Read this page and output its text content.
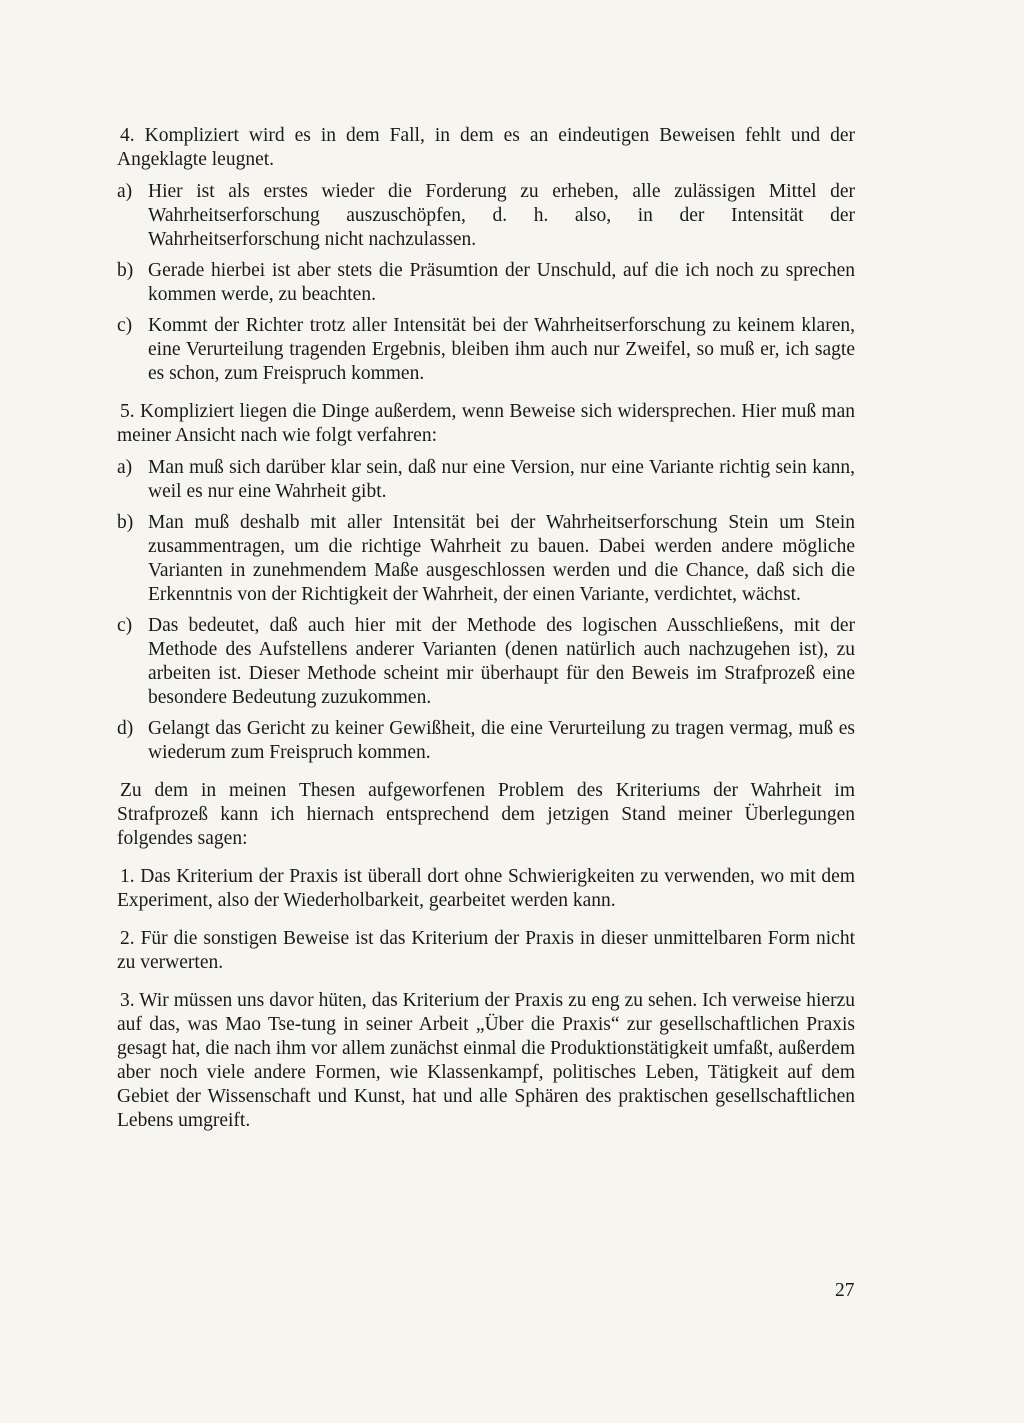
4. Kompliziert wird es in dem Fall, in dem es an eindeutigen Beweisen fehlt und der Angeklagte leugnet.

a) Hier ist als erstes wieder die Forderung zu erheben, alle zulässigen Mittel der Wahrheitserforschung auszuschöpfen, d. h. also, in der Intensität der Wahrheitserforschung nicht nachzulassen.
b) Gerade hierbei ist aber stets die Präsumtion der Unschuld, auf die ich noch zu sprechen kommen werde, zu beachten.
c) Kommt der Richter trotz aller Intensität bei der Wahrheitserforschung zu keinem klaren, eine Verurteilung tragenden Ergebnis, bleiben ihm auch nur Zweifel, so muß er, ich sagte es schon, zum Freispruch kommen.

5. Kompliziert liegen die Dinge außerdem, wenn Beweise sich widersprechen. Hier muß man meiner Ansicht nach wie folgt verfahren:

a) Man muß sich darüber klar sein, daß nur eine Version, nur eine Variante richtig sein kann, weil es nur eine Wahrheit gibt.
b) Man muß deshalb mit aller Intensität bei der Wahrheitserforschung Stein um Stein zusammentragen, um die richtige Wahrheit zu bauen. Dabei werden andere mögliche Varianten in zunehmendem Maße ausgeschlossen werden und die Chance, daß sich die Erkenntnis von der Richtigkeit der Wahrheit, der einen Variante, verdichtet, wächst.
c) Das bedeutet, daß auch hier mit der Methode des logischen Ausschließens, mit der Methode des Aufstellens anderer Varianten (denen natürlich auch nachzugehen ist), zu arbeiten ist. Dieser Methode scheint mir überhaupt für den Beweis im Strafprozeß eine besondere Bedeutung zuzukommen.
d) Gelangt das Gericht zu keiner Gewißheit, die eine Verurteilung zu tragen vermag, muß es wiederum zum Freispruch kommen.

Zu dem in meinen Thesen aufgeworfenen Problem des Kriteriums der Wahrheit im Strafprozeß kann ich hiernach entsprechend dem jetzigen Stand meiner Überlegungen folgendes sagen:

1. Das Kriterium der Praxis ist überall dort ohne Schwierigkeiten zu verwenden, wo mit dem Experiment, also der Wiederholbarkeit, gearbeitet werden kann.

2. Für die sonstigen Beweise ist das Kriterium der Praxis in dieser unmittelbaren Form nicht zu verwerten.

3. Wir müssen uns davor hüten, das Kriterium der Praxis zu eng zu sehen. Ich verweise hierzu auf das, was Mao Tse-tung in seiner Arbeit „Über die Praxis“ zur gesellschaftlichen Praxis gesagt hat, die nach ihm vor allem zunächst einmal die Produktionstätigkeit umfaßt, außerdem aber noch viele andere Formen, wie Klassenkampf, politisches Leben, Tätigkeit auf dem Gebiet der Wissenschaft und Kunst, hat und alle Sphären des praktischen gesellschaftlichen Lebens umgreift.

27
